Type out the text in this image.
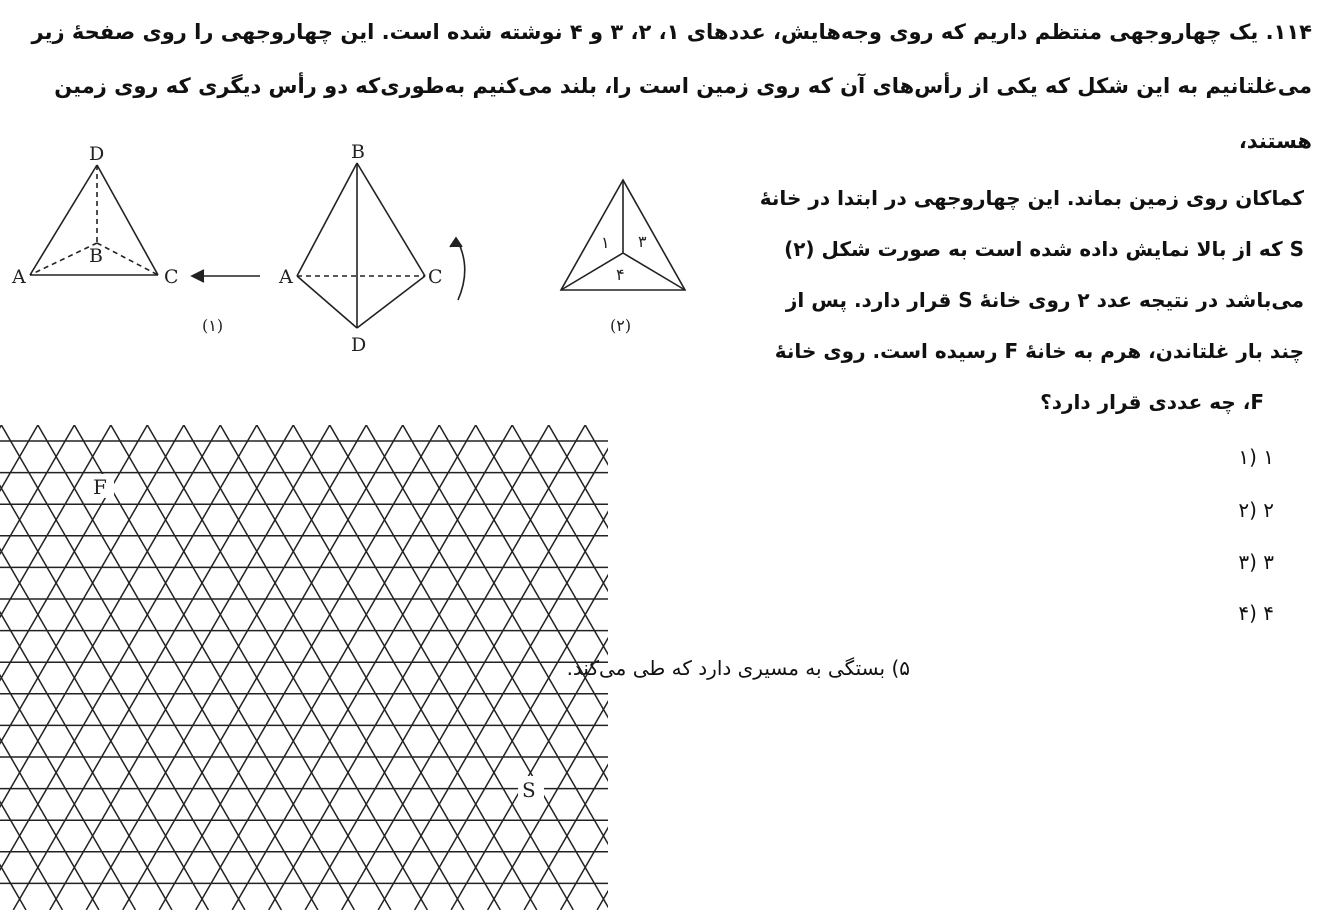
۱۱۴. یک چهاروجهی منتظم داریم که روی وجه‌هایش، عددهای ۱، ۲، ۳ و ۴ نوشته شده است. این چهاروجهی را روی صفحهٔ زیر
می‌غلتانیم به این شکل که یکی از رأس‌های آن که روی زمین است را، بلند می‌کنیم به‌طوری‌که دو رأس دیگری که روی زمین
هستند،
کماکان روی زمین بماند. این چهاروجهی در ابتدا در خانهٔ
S که از بالا نمایش داده شده است به صورت شکل (۲)
می‌باشد در نتیجه عدد ۲ روی خانهٔ S قرار دارد. پس از
چند بار غلتاندن، هرم به خانهٔ F رسیده است. روی خانهٔ
F، چه عددی قرار دارد؟
۱ (۱
۲ (۲
۳ (۳
۴ (۴
۵) بستگی به مسیری دارد که طی می‌کند.
D
B
A	C
B
D
A	C
(۱)	(۲)
۱ ۳
۴
F
S
